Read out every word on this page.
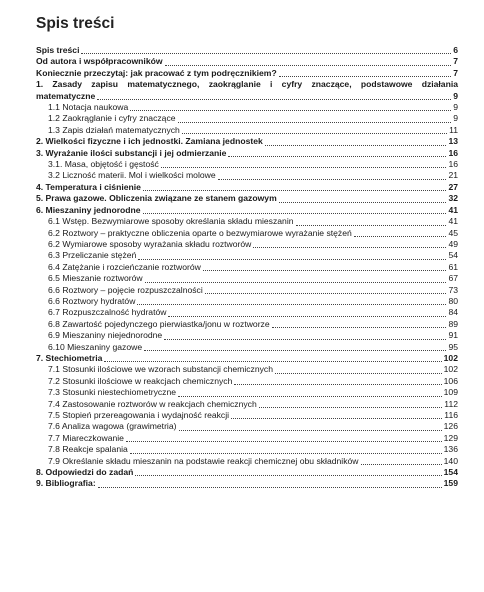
Spis treści
Spis treści	6
Od autora i współpracowników	7
Koniecznie przeczytaj: jak pracować z tym podręcznikiem?	7
1. Zasady zapisu matematycznego, zaokrąglanie i cyfry znaczące, podstawowe działania
matematyczne	9
1.1 Notacja naukowa	9
1.2 Zaokrąglanie i cyfry znaczące	9
1.3 Zapis działań matematycznych	11
2. Wielkości fizyczne i ich jednostki. Zamiana jednostek	13
3. Wyrażanie ilości substancji i jej odmierzanie	16
3.1. Masa, objętość i gęstość	16
3.2 Liczność materii. Mol i wielkości molowe	21
4. Temperatura i ciśnienie	27
5. Prawa gazowe. Obliczenia związane ze stanem gazowym	32
6. Mieszaniny jednorodne	41
6.1 Wstęp. Bezwymiarowe sposoby określania składu mieszanin	41
6.2 Roztwory – praktyczne obliczenia oparte o bezwymiarowe wyrażanie stężeń	45
6.2 Wymiarowe sposoby wyrażania składu roztworów	49
6.3 Przeliczanie stężeń	54
6.4 Zatężanie i rozcieńczanie roztworów	61
6.5 Mieszanie roztworów	67
6.6 Roztwory – pojęcie rozpuszczalności	73
6.6 Roztwory hydratów	80
6.7 Rozpuszczalność hydratów	84
6.8 Zawartość pojedynczego pierwiastka/jonu w roztworze	89
6.9 Mieszaniny niejednorodne	91
6.10 Mieszaniny gazowe	95
7. Stechiometria	102
7.1 Stosunki ilościowe we wzorach substancji chemicznych	102
7.2 Stosunki ilościowe w reakcjach chemicznych	106
7.3 Stosunki niestechiometryczne	109
7.4 Zastosowanie roztworów w reakcjach chemicznych	112
7.5 Stopień przereagowania i wydajność reakcji	116
7.6 Analiza wagowa (grawimetria)	126
7.7 Miareczkowanie	129
7.8 Reakcje spalania	136
7.9 Określanie składu mieszanin na podstawie reakcji chemicznej obu składników	140
8. Odpowiedzi do zadań	154
9. Bibliografia:	159
